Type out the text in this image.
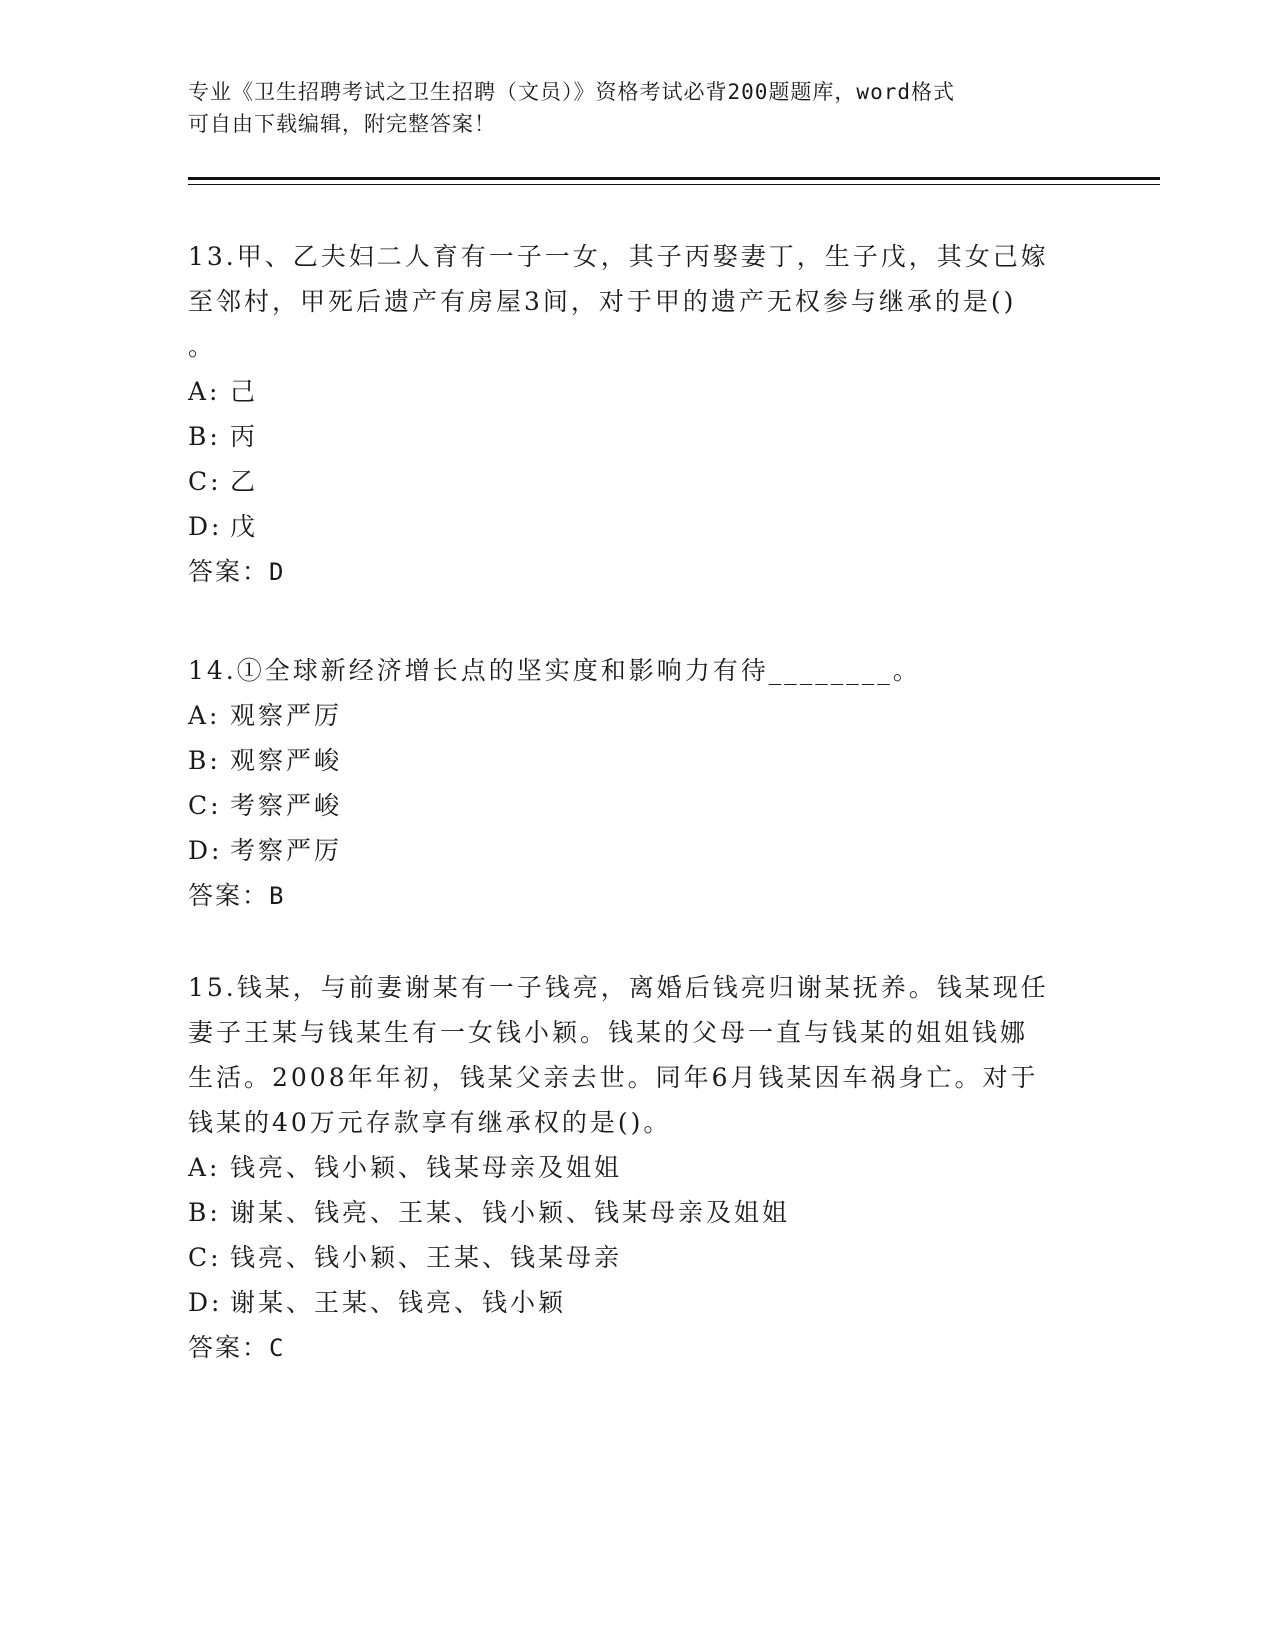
专业《卫生招聘考试之卫生招聘（文员）》资格考试必背200题题库，word格式
可自由下载编辑，附完整答案！
13.甲、乙夫妇二人育有一子一女，其子丙娶妻丁，生子戊，其女己嫁
至邻村，甲死后遗产有房屋3间，对于甲的遗产无权参与继承的是()
。
A: 己
B: 丙
C: 乙
D: 戊
答案：D
14.①全球新经济增长点的坚实度和影响力有待________。
A: 观察严厉
B: 观察严峻
C: 考察严峻
D: 考察严厉
答案：B
15.钱某，与前妻谢某有一子钱亮，离婚后钱亮归谢某抚养。钱某现任
妻子王某与钱某生有一女钱小颖。钱某的父母一直与钱某的姐姐钱娜
生活。2008年年初，钱某父亲去世。同年6月钱某因车祸身亡。对于
钱某的40万元存款享有继承权的是()。
A: 钱亮、钱小颖、钱某母亲及姐姐
B: 谢某、钱亮、王某、钱小颖、钱某母亲及姐姐
C: 钱亮、钱小颖、王某、钱某母亲
D: 谢某、王某、钱亮、钱小颖
答案：C
